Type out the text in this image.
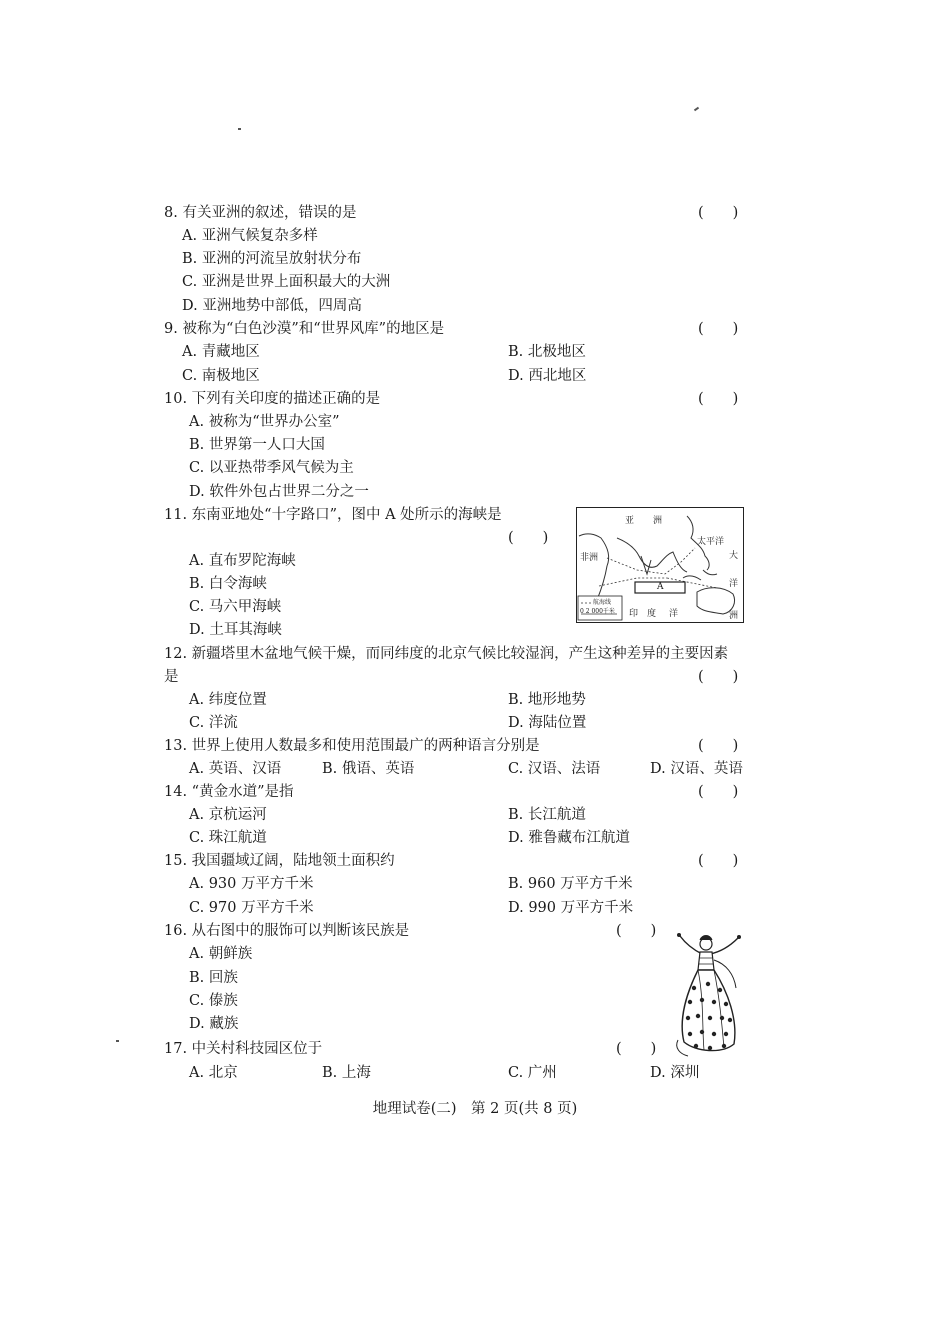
8. 有关亚洲的叙述，错误的是	(　　)
A. 亚洲气候复杂多样
B. 亚洲的河流呈放射状分布
C. 亚洲是世界上面积最大的大洲
D. 亚洲地势中部低，四周高
9. 被称为“白色沙漠”和“世界风库”的地区是	(　　)
A. 青藏地区	B. 北极地区
C. 南极地区	D. 西北地区
10. 下列有关印度的描述正确的是	(　　)
A. 被称为“世界办公室”
B. 世界第一人口大国
C. 以亚热带季风气候为主
D. 软件外包占世界二分之一
11. 东南亚地处“十字路口”，图中 A 处所示的海峡是
(　　)
A. 直布罗陀海峡
B. 白令海峡
C. 马六甲海峡
D. 土耳其海峡
亚 洲
非洲
太平洋
大
洋
洲
A
航海线
0 2 000千米 印 度 洋
12. 新疆塔里木盆地气候干燥，而同纬度的北京气候比较湿润，产生这种差异的主要因素
是	(　　)
A. 纬度位置	B. 地形地势
C. 洋流	D. 海陆位置
13. 世界上使用人数最多和使用范围最广的两种语言分别是	(　　)
A. 英语、汉语	B. 俄语、英语	C. 汉语、法语	D. 汉语、英语
14. “黄金水道”是指	(　　)
A. 京杭运河	B. 长江航道
C. 珠江航道	D. 雅鲁藏布江航道
15. 我国疆域辽阔，陆地领土面积约	(　　)
A. 930 万平方千米	B. 960 万平方千米
C. 970 万平方千米	D. 990 万平方千米
16. 从右图中的服饰可以判断该民族是	(　　)
A. 朝鲜族
B. 回族
C. 傣族
D. 藏族
17. 中关村科技园区位于	(　　)
A. 北京	B. 上海	C. 广州	D. 深圳
地理试卷(二)　第 2 页(共 8 页)
